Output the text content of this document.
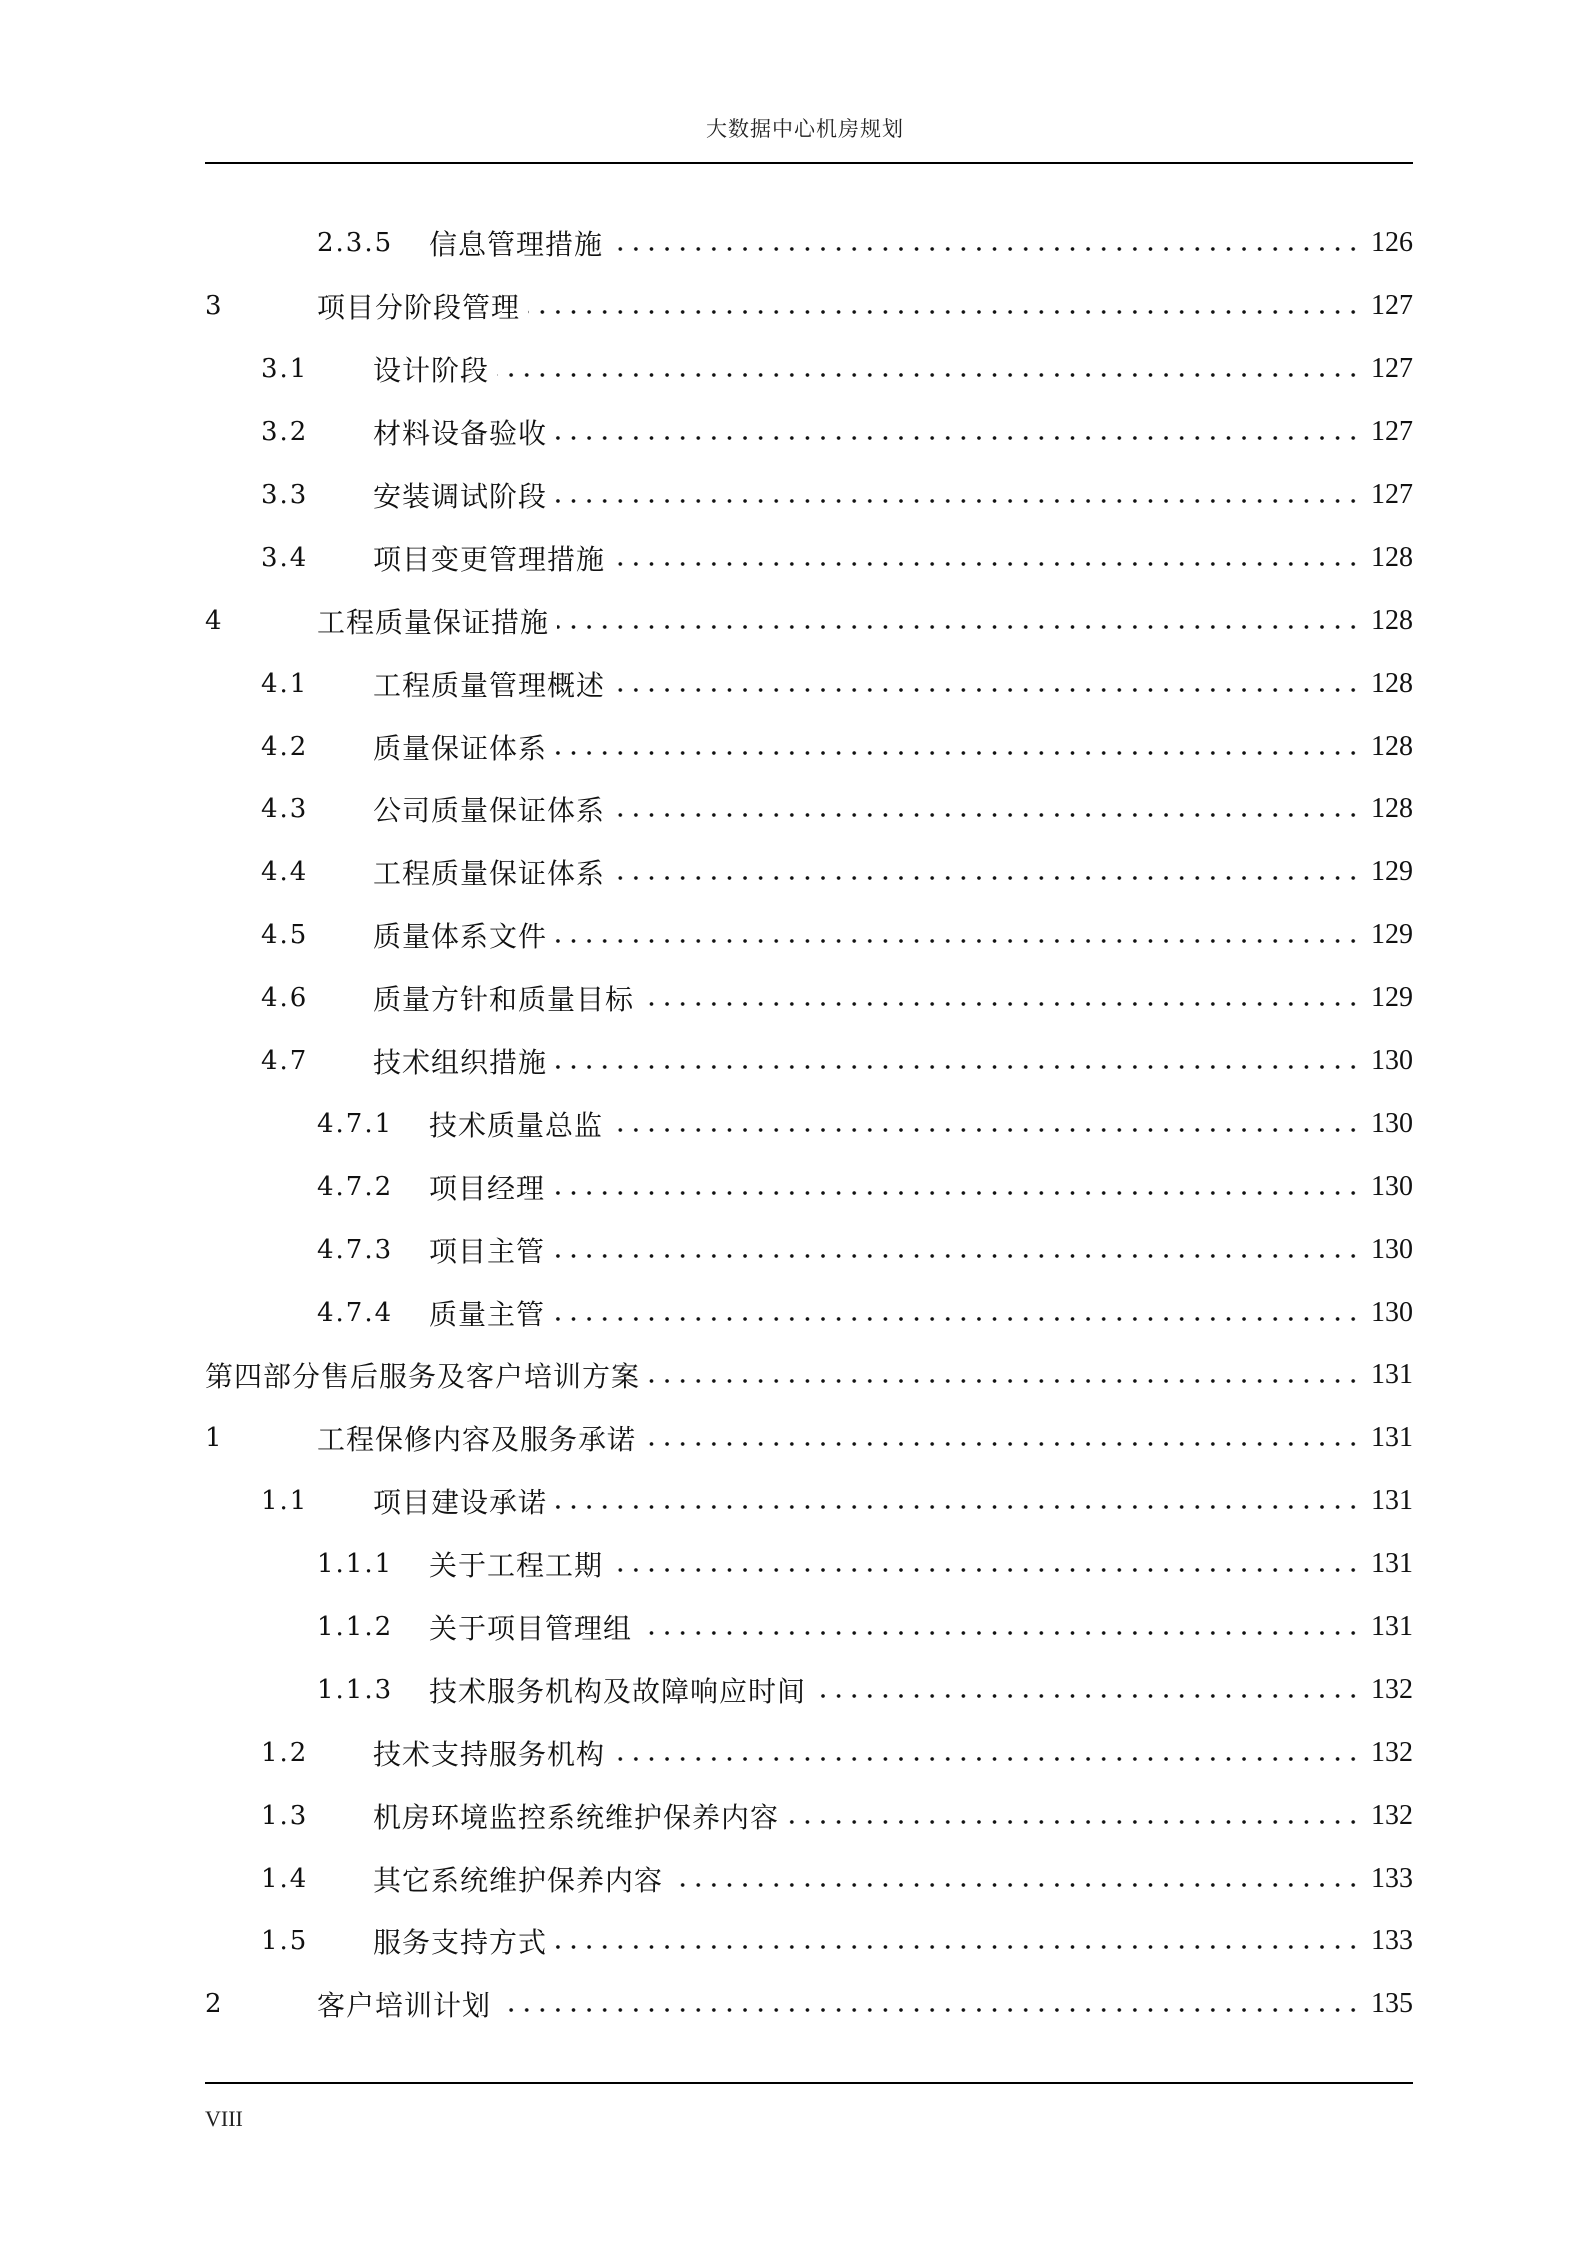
大数据中心机房规划
2.3.5 信息管理措施	126
3	项目分阶段管理	127
3.1 设计阶段	127
3.2 材料设备验收	127
3.3 安装调试阶段	127
3.4 项目变更管理措施	128
4	工程质量保证措施	128
4.1 工程质量管理概述	128
4.2 质量保证体系	128
4.3 公司质量保证体系	128
4.4 工程质量保证体系	129
4.5 质量体系文件	129
4.6 质量方针和质量目标	129
4.7 技术组织措施	130
4.7.1 技术质量总监	130
4.7.2 项目经理	130
4.7.3 项目主管	130
4.7.4 质量主管	130
第四部分售后服务及客户培训方案	131
1	工程保修内容及服务承诺	131
1.1 项目建设承诺	131
1.1.1 关于工程工期	131
1.1.2 关于项目管理组	131
1.1.3 技术服务机构及故障响应时间	132
1.2 技术支持服务机构	132
1.3 机房环境监控系统维护保养内容	132
1.4 其它系统维护保养内容	133
1.5 服务支持方式	133
2	客户培训计划	135
VIII
